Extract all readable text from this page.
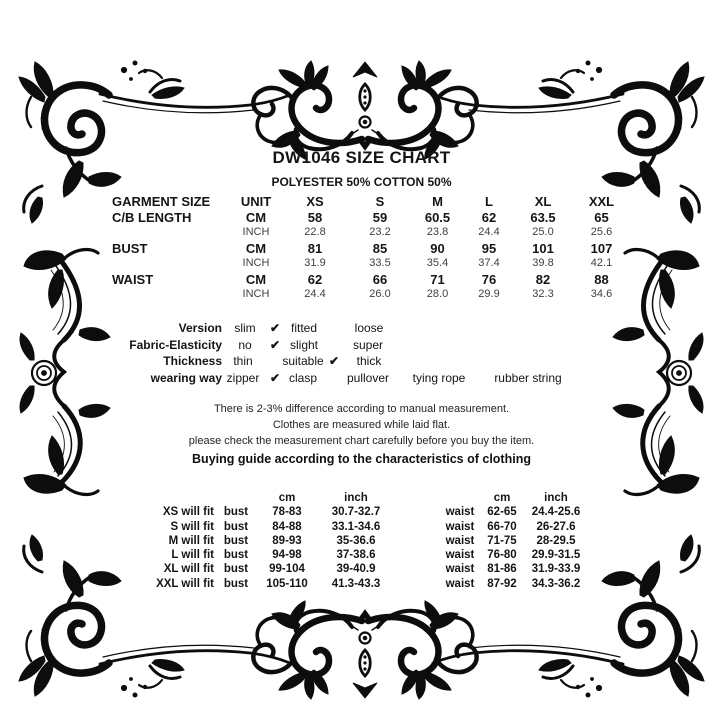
DW1046 SIZE CHART
POLYESTER 50% COTTON 50%
GARMENT SIZE	UNIT	XS	S	M	L	XL	XXL
C/B LENGTH	CM	58	59	60.5	62	63.5	65
	INCH	22.8	23.2	23.8	24.4	25.0	25.6
BUST	CM	81	85	90	95	101	107
	INCH	31.9	33.5	35.4	37.4	39.8	42.1
WAIST	CM	62	66	71	76	82	88
	INCH	24.4	26.0	28.0	29.9	32.3	34.6
Version	slim	✔ fitted	loose
Fabric-Elasticity	no	✔ slight	super
Thickness thin	suitable ✔	thick
wearing way zipper ✔ clasp	pullover	tying rope	rubber string
There is 2-3% difference according to manual measurement.
Clothes are measured while laid flat.
please check the measurement chart carefully before you buy the item.
Buying guide according to the characteristics of clothing
		cm	inch			cm	inch
XS will fit	bust	78-83	30.7-32.7		waist	62-65	24.4-25.6
S will fit	bust	84-88	33.1-34.6		waist	66-70	26-27.6
M will fit	bust	89-93	35-36.6		waist	71-75	28-29.5
L will fit	bust	94-98	37-38.6		waist	76-80	29.9-31.5
XL will fit	bust	99-104	39-40.9		waist	81-86	31.9-33.9
XXL will fit	bust	105-110	41.3-43.3		waist	87-92	34.3-36.2
